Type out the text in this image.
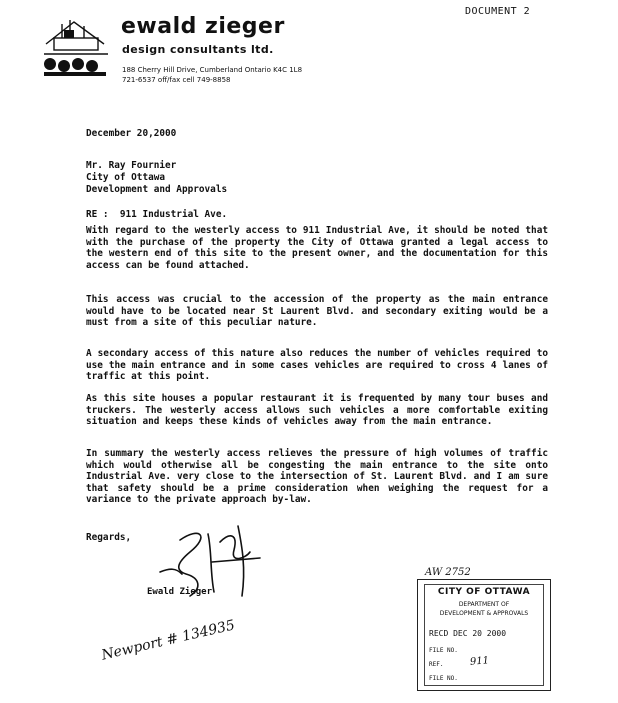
DOCUMENT 2
ewald zieger
design consultants ltd.
188 Cherry Hill Drive, Cumberland Ontario K4C 1L8
721-6537 off/fax cell 749-8858
December 20,2000
Mr. Ray Fournier
City of Ottawa
Development and Approvals
RE :  911 Industrial Ave.
With regard to the westerly access to 911 Industrial Ave, it should be noted that with the purchase of the property the City of Ottawa granted a legal access to the western end of this site to the present owner, and the documentation for this access can be found attached.
This access was crucial to the accession of the property as the main entrance would have to be located near St Laurent Blvd. and secondary exiting would be a must from a site of this peculiar nature.
A secondary access of this nature also reduces the number of vehicles required to use the main entrance and in some cases vehicles are required to cross 4 lanes of traffic at this point.
As this site houses a popular restaurant it is frequented by many tour buses and truckers. The westerly access allows such vehicles a more comfortable exiting situation and keeps these kinds of vehicles away from the main entrance.
In summary the westerly access relieves the pressure of high volumes of traffic which would otherwise all be congesting the main entrance to the site onto Industrial Ave. very close to the intersection of St. Laurent Blvd. and I am sure that safety should be a prime consideration when weighing the request for a variance to the private approach by-law.
Regards,
Ewald Zieger
Newport # 134935
AW 2752
CITY OF OTTAWA
DEPARTMENT OF
DEVELOPMENT & APPROVALS
RECD DEC 20 2000
FILE NO.
REF.
FILE NO.
911
